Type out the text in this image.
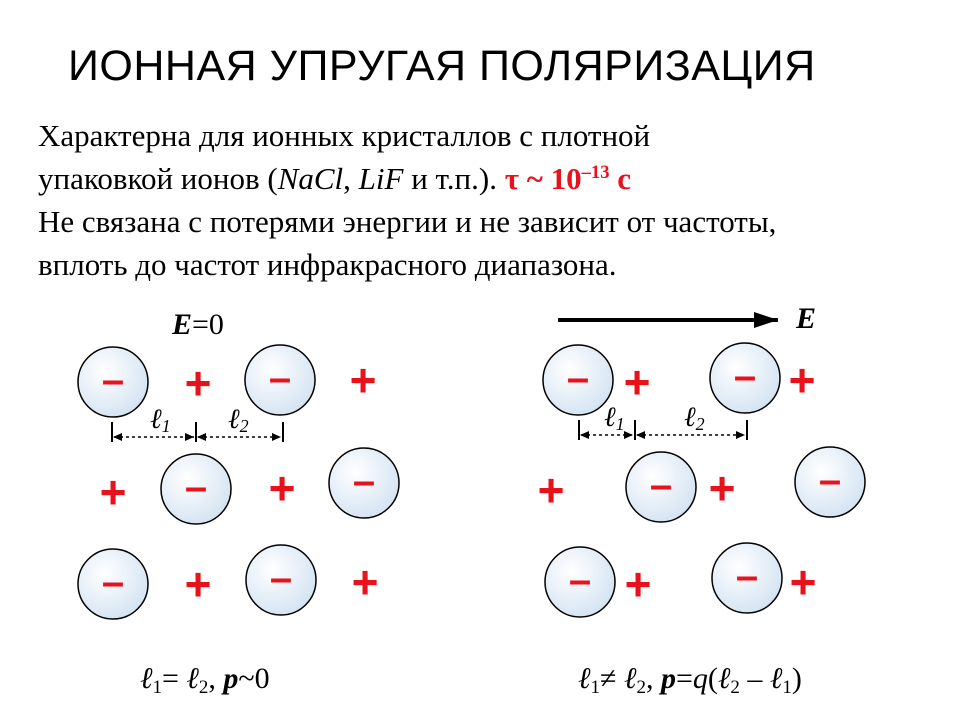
ИОННАЯ УПРУГАЯ ПОЛЯРИЗАЦИЯ
Характерна для ионных кристаллов с плотной
упаковкой ионов (NaCl, LiF и т.п.). τ ~ $10^{-13}$ с
Не связана с потерями энергии и не зависит от частоты,
вплоть до частот инфракрасного диапазона.
E=0
– + – +
+ – + –
– + – +
ℓ1 ℓ2
ℓ1= ℓ2, p~0
E
– + – +
+ – + –
– + – +
ℓ1 ℓ2
ℓ1≠ ℓ2, p=q(ℓ2 – ℓ1)
